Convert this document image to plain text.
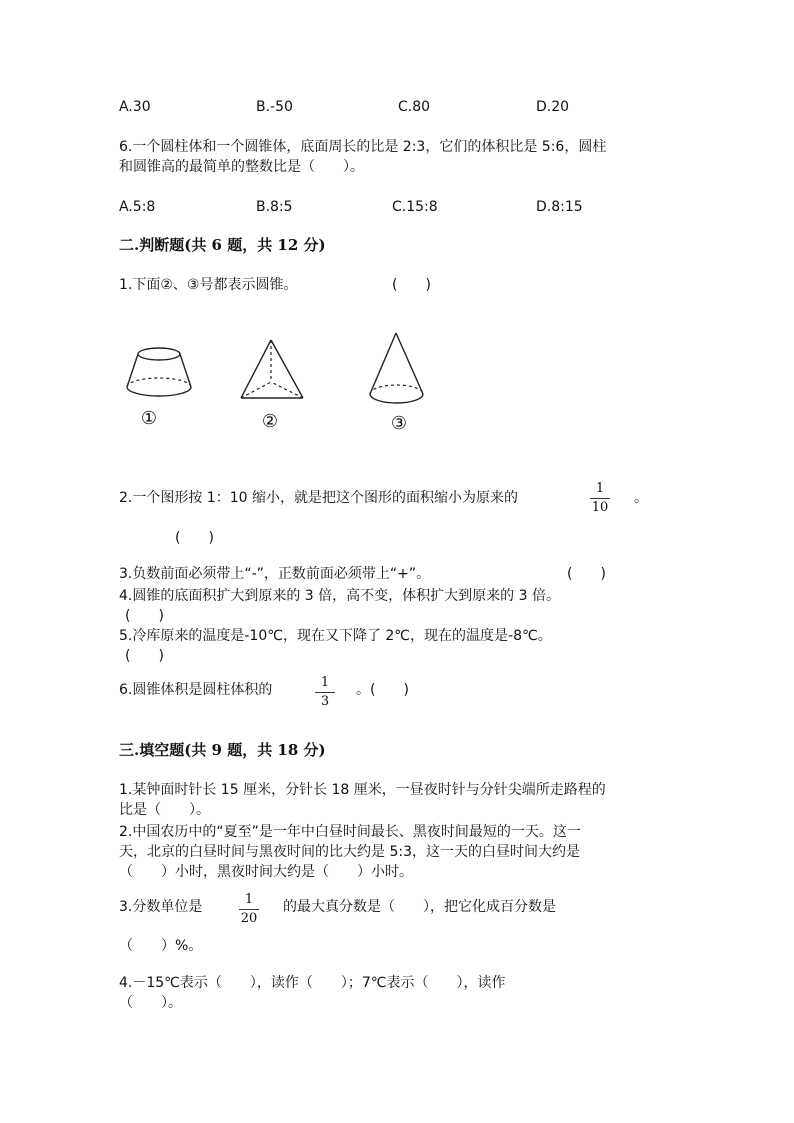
A.30	B.-50	C.80	D.20
6.一个圆柱体和一个圆锥体，底面周长的比是 2:3，它们的体积比是 5:6，圆柱
和圆锥高的最简单的整数比是（　　）。
A.5:8	B.8:5	C.15:8	D.8:15
二.判断题(共 6 题，共 12 分)
1.下面②、③号都表示圆锥。	(　　)
①	②	③
2.一个图形按 1：10 缩小，就是把这个图形的面积缩小为原来的
1
10
。
(　　)
3.负数前面必须带上“-”，正数前面必须带上“+”。	(　　)
4.圆锥的底面积扩大到原来的 3 倍，高不变，体积扩大到原来的 3 倍。
(　　)
5.冷库原来的温度是-10℃，现在又下降了 2℃，现在的温度是-8℃。
(　　)
6.圆锥体积是圆柱体积的	1
3
。(　　)
三.填空题(共 9 题，共 18 分)
1.某钟面时针长 15 厘米，分针长 18 厘米，一昼夜时针与分针尖端所走路程的
比是（　　）。
2.中国农历中的“夏至”是一年中白昼时间最长、黑夜时间最短的一天。这一
天，北京的白昼时间与黑夜时间的比大约是 5:3，这一天的白昼时间大约是
（　　）小时，黑夜时间大约是（　　）小时。
3.分数单位是	1
20
的最大真分数是（　　），把它化成百分数是
（　　）%。
4.－15℃表示（　　），读作（　　）；7℃表示（　　），读作
（　　）。
